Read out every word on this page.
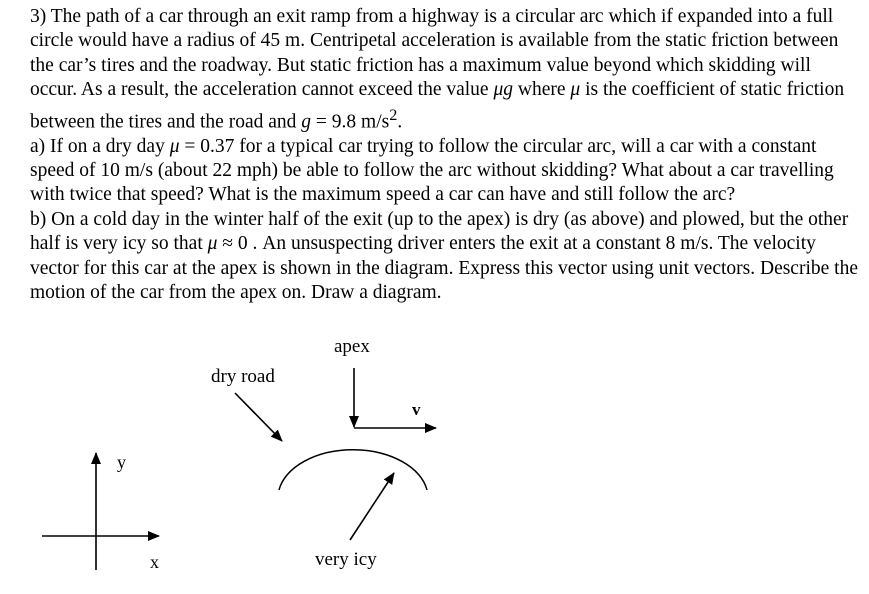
3) The path of a car through an exit ramp from a highway is a circular arc which if expanded into a full circle would have a radius of 45 m. Centripetal acceleration is available from the static friction between the car’s tires and the roadway. But static friction has a maximum value beyond which skidding will occur. As a result, the acceleration cannot exceed the value μg where μ is the coefficient of static friction between the tires and the road and g = 9.8 $m/s^2$.

a) If on a dry day μ = 0.37 for a typical car trying to follow the circular arc, will a car with a constant speed of 10 m/s (about 22 mph) be able to follow the arc without skidding? What about a car travelling with twice that speed? What is the maximum speed a car can have and still follow the arc?

b) On a cold day in the winter half of the exit (up to the apex) is dry (as above) and plowed, but the other half is very icy so that μ ≈ 0 . An unsuspecting driver enters the exit at a constant 8 m/s. The velocity vector for this car at the apex is shown in the diagram. Express this vector using unit vectors. Describe the motion of the car from the apex on. Draw a diagram.

apex
dry road
v
very icy
y
x
